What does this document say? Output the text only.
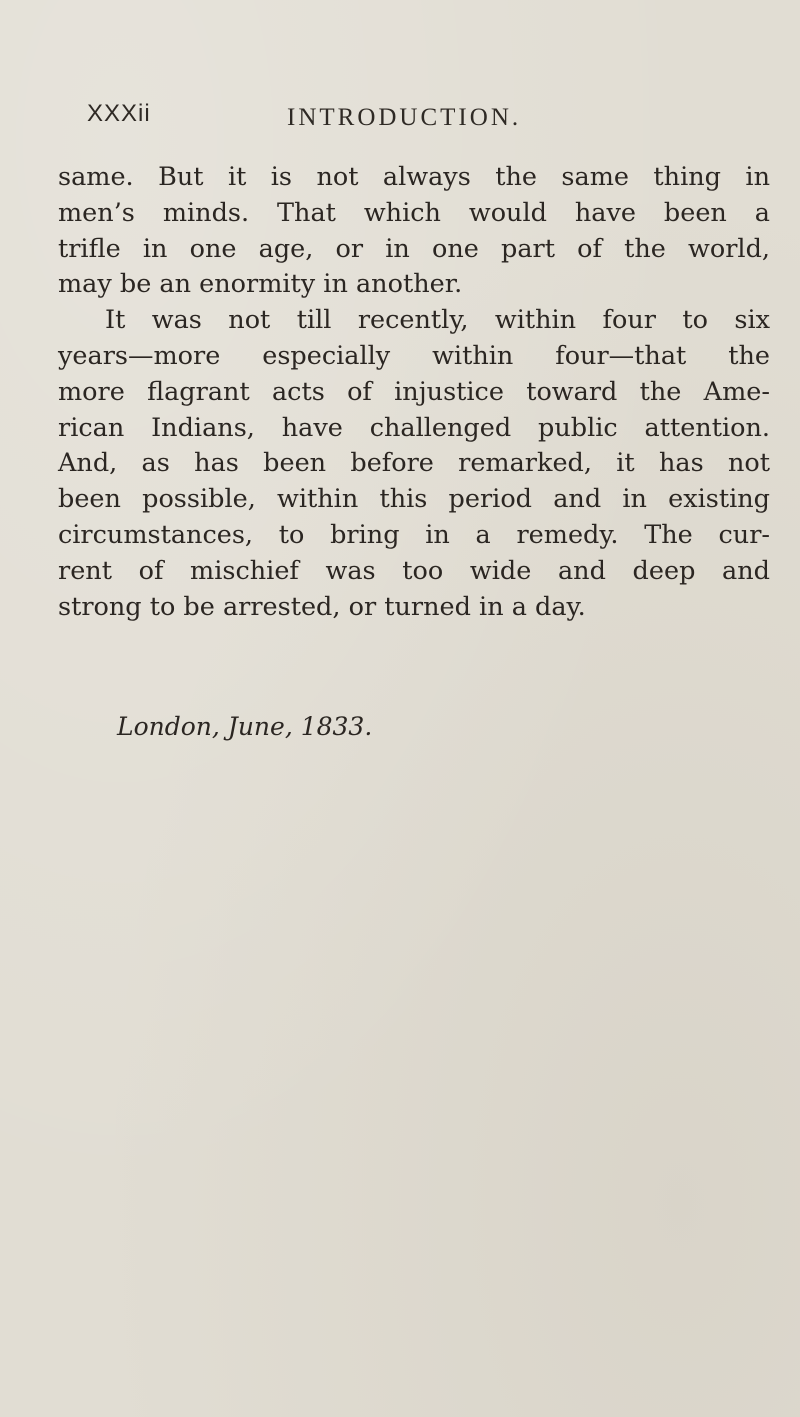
XXXii	INTRODUCTION.
same. But it is not always the same thing in
men’s minds. That which would have been a
trifle in one age, or in one part of the world,
may be an enormity in another.
It was not till recently, within four to six
years—more especially within four—that the
more flagrant acts of injustice toward the Ame-
rican Indians, have challenged public attention.
And, as has been before remarked, it has not
been possible, within this period and in existing
circumstances, to bring in a remedy. The cur-
rent of mischief was too wide and deep and
strong to be arrested, or turned in a day.
London, June, 1833.
